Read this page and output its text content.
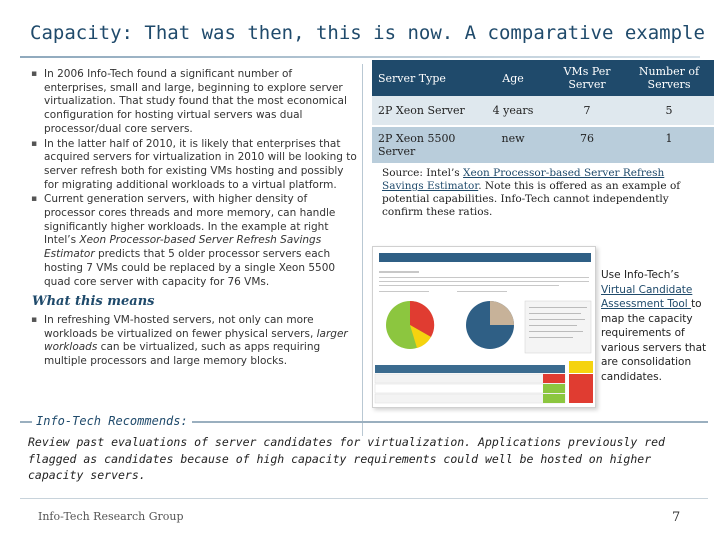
Capacity: That was then, this is now. A comparative example
▪ In 2006 Info-Tech found a significant number of enterprises, small and large, beginning to explore server virtualization. That study found that the most economical configuration for hosting virtual servers was dual processor/dual core servers.
▪ In the latter half of 2010, it is likely that enterprises that acquired servers for virtualization in 2010 will be looking to server refresh both for existing VMs hosting and possibly for migrating additional workloads to a virtual platform.
▪ Current generation servers, with higher density of processor cores threads and more memory, can handle significantly higher workloads. In the example at right Intel’s Xeon Processor-based Server Refresh Savings Estimator predicts that 5 older processor servers each hosting 7 VMs could be replaced by a single Xeon 5500 quad core server with capacity for 76 VMs.
What this means
▪ In refreshing VM-hosted servers, not only can more workloads be virtualized on fewer physical servers, larger workloads can be virtualized, such as apps requiring multiple processors and large memory blocks.
Server Type	Age	VMs Per Server	Number of Servers
2P Xeon Server	4 years	7	5
2P Xeon 5500 Server	new	76	1
Source: Intel’s Xeon Processor-based Server Refresh Savings Estimator. Note this is offered as an example of potential capabilities. Info-Tech cannot independently confirm these ratios.
Use Info-Tech’s Virtual Candidate Assessment Tool to map the capacity requirements of various servers that are consolidation candidates.
Info-Tech Recommends:
Review past evaluations of server candidates for virtualization. Applications previously red flagged as candidates because of high capacity requirements could well be hosted on higher capacity servers.
Info-Tech Research Group	7
